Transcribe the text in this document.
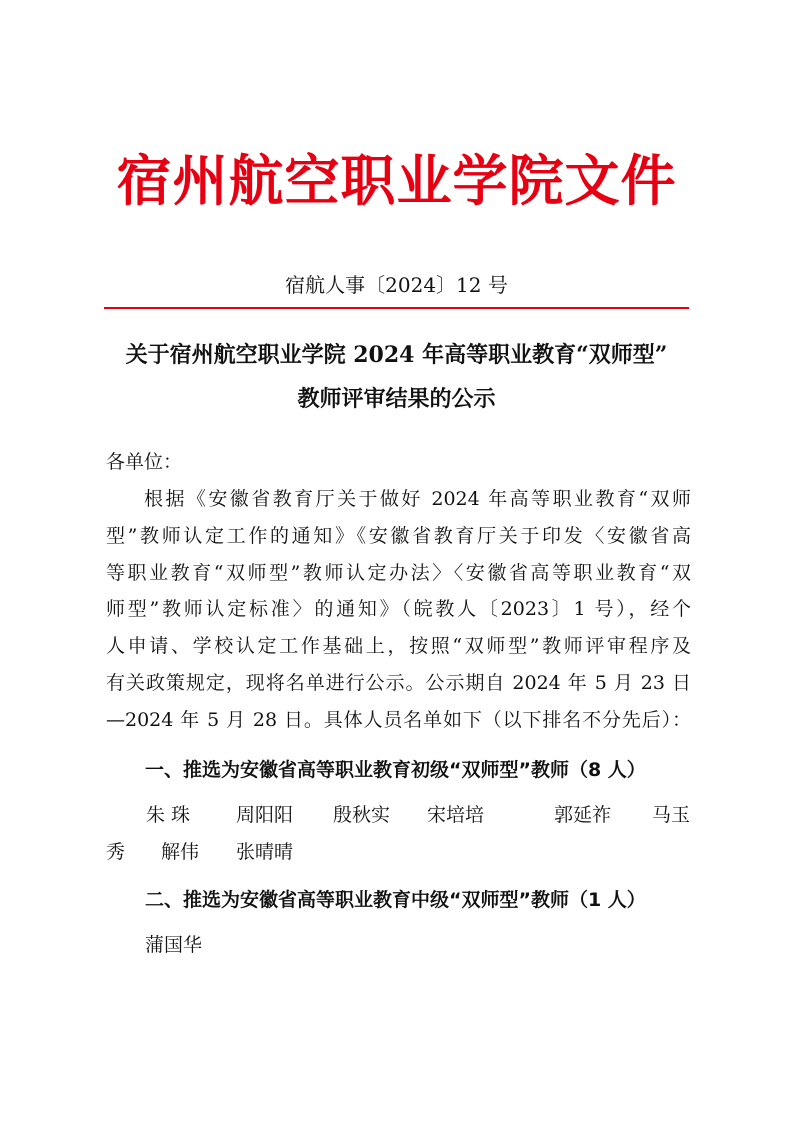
宿州航空职业学院文件
宿航人事〔2024〕12 号
关于宿州航空职业学院 2024 年高等职业教育“双师型”
教师评审结果的公示
各单位：
根据《安徽省教育厅关于做好 2024 年高等职业教育“双师
型”教师认定工作的通知》《安徽省教育厅关于印发〈安徽省高
等职业教育“双师型”教师认定办法〉〈安徽省高等职业教育“双
师型”教师认定标准〉的通知》（皖教人〔2023〕1 号），经个
人申请、学校认定工作基础上，按照“双师型”教师评审程序及
有关政策规定，现将名单进行公示。公示期自 2024 年 5 月 23 日
—2024 年 5 月 28 日。具体人员名单如下（以下排名不分先后）：
一、推选为安徽省高等职业教育初级“双师型”教师（8 人）
朱 珠 周阳阳 殷秋实 宋培培	郭延祚 马玉
秀 解伟 张晴晴
二、推选为安徽省高等职业教育中级“双师型”教师（1 人）
蒲国华
